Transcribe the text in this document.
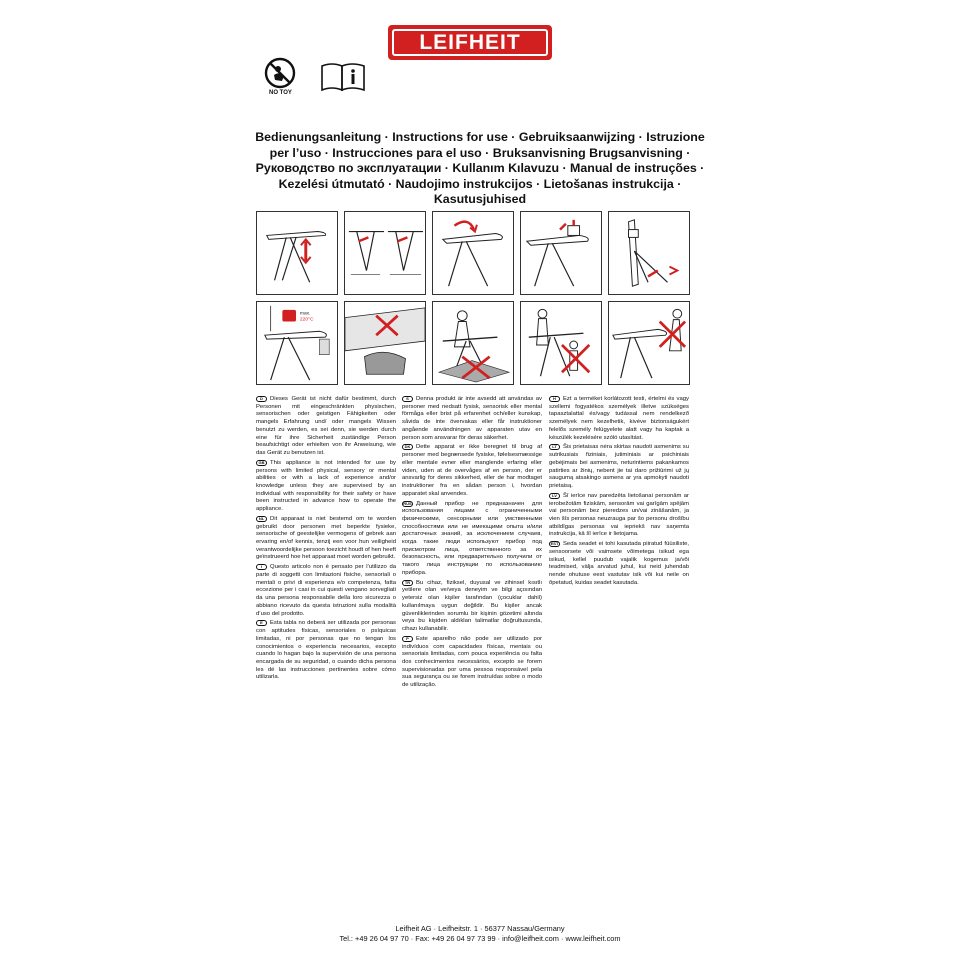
LEIFHEIT
NO TOY
Bedienungsanleitung · Instructions for use · Gebruiksaanwijzing · Istruzione per l’uso · Instrucciones para el uso · Bruksanvisning Brugsanvisning · Руководство по эксплуатации · Kullanım Kılavuzu · Manual de instruções · Kezelési útmutató · Naudojimo instrukcijos · Lietošanas instrukcija · Kasutusjuhised
max.
220°C

D Dieses Gerät ist nicht dafür bestimmt, durch Personen mit eingeschränkten physischen, sensorischen oder geistigen Fähigkeiten oder mangels Erfahrung und/ oder mangels Wissen benutzt zu werden, es sei denn, sie werden durch eine für ihre Sicherheit zuständige Person beaufsichtigt oder erhielten von ihr Anweisung, wie das Gerät zu benutzen ist.

GB This appliance is not intended for use by persons with limited physical, sensory or mental abilities or with a lack of experience and/or knowledge unless they are supervised by an individual with responsibility for their safety or have been instructed in advance how to operate the appliance.

NL Dit apparaat is niet bestemd om te worden gebruikt door personen met beperkte fysieke, sensorische of geestelijke vermogens of gebrek aan ervaring en/of kennis, tenzij een voor hun veiligheid verantwoordelijke persoon toezicht houdt of hen heeft geïnstrueerd hoe het apparaat moet worden gebruikt.

I Questo articolo non è pensato per l’utilizzo da parte di soggetti con limitazioni fisiche, sensoriali o mentali o privi di esperienza e/o competenza, fatta eccezione per i casi in cui questi vengano sorvegliati da una persona responsabile della loro sicurezza o abbiano ricevuto da questa istruzioni sulla modalità d’uso del prodotto.

E Esta tabla no deberá ser utilizada por personas con aptitudes físicas, sensoriales o psíquicas limitadas, ni por personas que no tengan los conocimientos o experiencia necesarios, excepto cuando lo hagan bajo la supervisión de una persona encargada de su seguridad, o cuando dicha persona les dé las instrucciones pertinentes sobre cómo utilizarla.

S Denna produkt är inte avsedd att användas av personer med nedsatt fysisk, sensorisk eller mental förmåga eller brist på erfarenhet och/eller kunskap, såvida de inte övervakas eller får instruktioner angående användningen av apparaten utav en person som ansvarar för deras säkerhet.

DK Dette apparat er ikke beregnet til brug af personer med begrænsede fysiske, følelsesmæssige eller mentale evner eller manglende erfaring eller viden, uden at de overvåges af en person, der er ansvarlig for deres sikkerhed, eller de har modtaget instruktioner fra en sådan person i, hvordan apparatet skal anvendes.

RUS Данный прибор не предназначен для использования лицами с ограниченными физическими, сенсорными или умственными способностями или не имеющими опыта и/или достаточных знаний, за исключением случаев, когда такие люди используют прибор под присмотром лица, ответственного за их безопасность, или предварительно получили от такого лица инструкции по использованию прибора.

TR Bu cihaz, fiziksel, duyusal ve zihinsel kısıtlı yetilere olan ve/veya deneyim ve bilgi açısından yetersiz olan kişiler tarafından (çocuklar dahil) kullanılmaya uygun değildir. Bu kişiler ancak güvenliklerinden sorumlu bir kişinin gözetimi altında veya bu kişiden aldıkları talimatlar doğrultusunda, cihazı kullanabilir.

P Este aparelho não pode ser utilizado por indivíduos com capacidades físicas, mentais ou sensoriais limitadas, com pouca experiência ou falta dos conhecimentos necessários, excepto se forem supervisionadas por uma pessoa responsável pela sua segurança ou se forem instruídas sobre o modo de utilização.

H Ezt a terméket korlátozott testi, értelmi és vagy szellemi fogyatékos személyek illetve szükséges tapasztalattal és/vagy tudással nem rendelkező személyek nem kezelhetik, kivéve biztonságukért felelős személy felügyelete alatt vagy ha kaptak a készülék kezelésére szóló utasítást.

LT Šis prietaisas nėra skirtas naudoti asmenims su sutrikusiais fiziniais, jutiminiais ar psichiniais gebėjimais bei asmenims, neturintiems pakankamos patirties ar žinių, nebent jie tai daro prižiūrimi už jų saugumą atsakingo asmens ar yra apmokyti naudoti prietaisą.

LV Šī ierīce nav paredzēta lietošanai personām ar ierobežotām fiziskām, sensorām vai garīgām spējām vai personām bez pieredzes un/vai zināšanām, ja vien šīs personas neuzrauga par šo personu drošību atbildīgas personas vai iepriekš nav saņemta instrukcija, kā šī ierīce ir lietojama.

EST Seda seadet ei tohi kasutada piiratud füüsiliste, sensoorsete või vaimsete võimetega isikud ega isikud, kellel puudub vajalik kogemus ja/või teadmised, välja arvatud juhul, kui neid juhendab nende ohutuse eest vastutav isik või kui neile on õpetatud, kuidas seadet kasutada.

Leifheit AG · Leifheitstr. 1 · 56377 Nassau/Germany
Tel.: +49 26 04 97 70 · Fax: +49 26 04 97 73 99 · info@leifheit.com · www.leifheit.com
